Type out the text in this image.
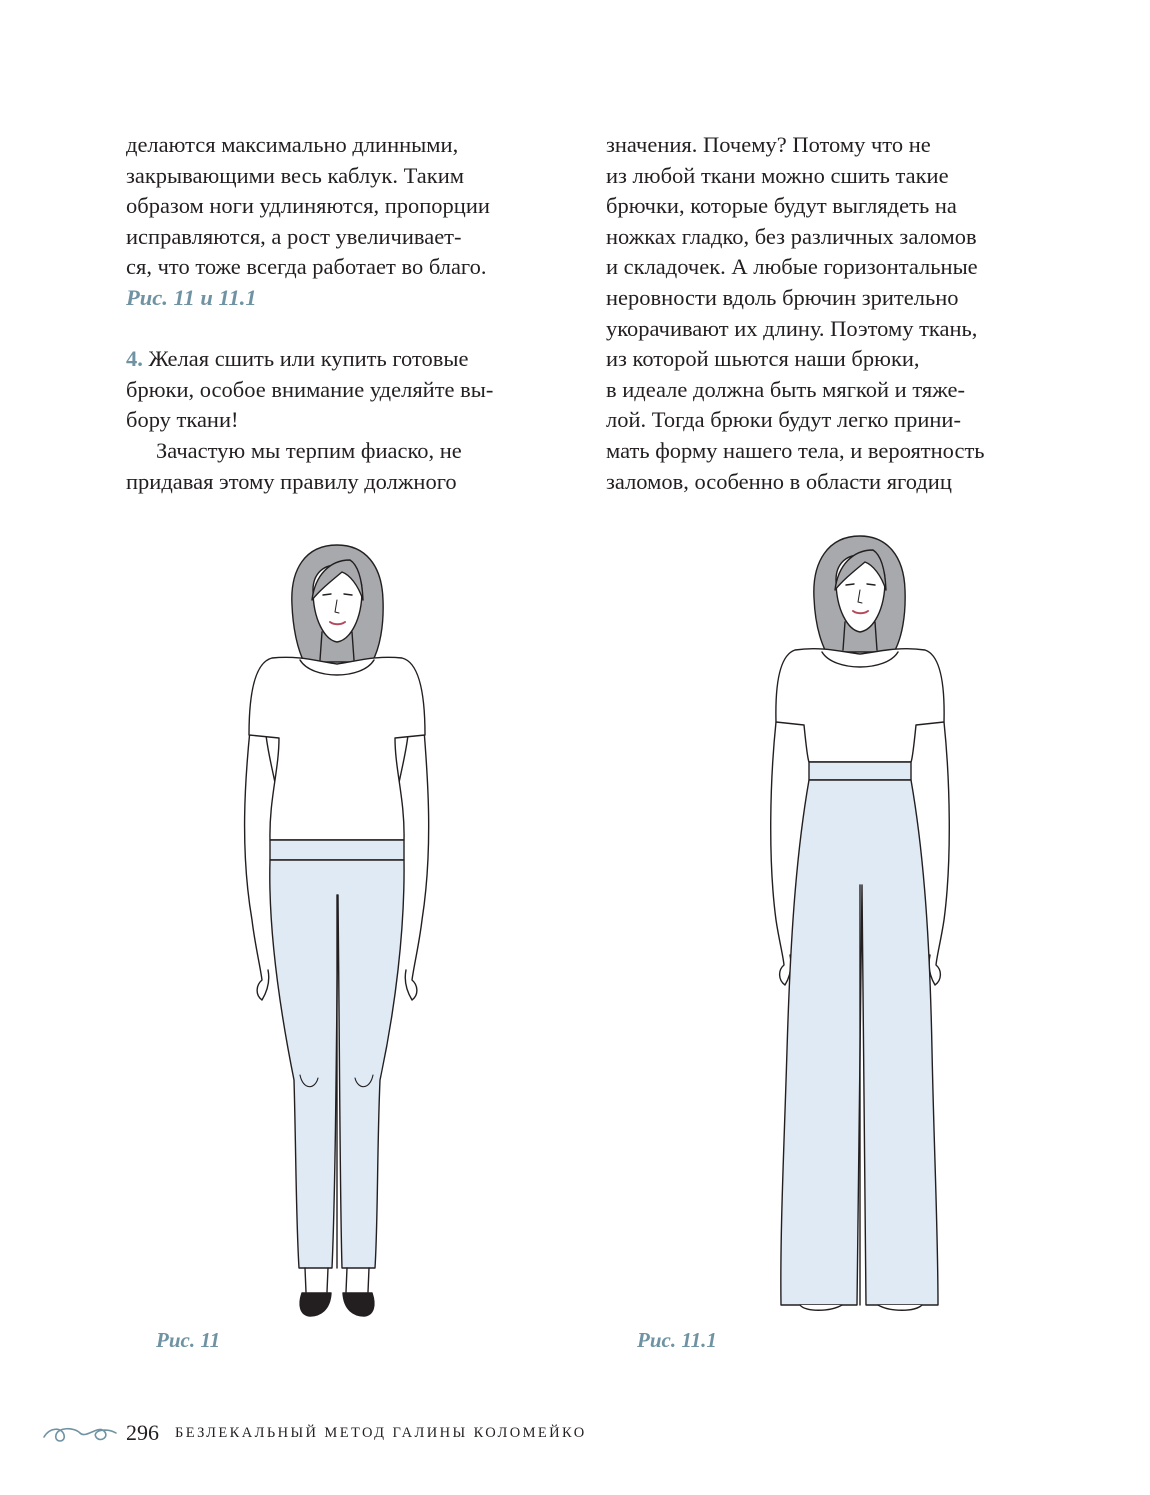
делаются максимально длинными,
закрывающими весь каблук. Таким
образом ноги удлиняются, пропорции
исправляются, а рост увеличивает-
ся, что тоже всегда работает во благо.
Рис. 11 и 11.1
4. Желая сшить или купить готовые
брюки, особое внимание уделяйте вы-
бору ткани!
Зачастую мы терпим фиаско, не
придавая этому правилу должного
значения. Почему? Потому что не
из любой ткани можно сшить такие
брючки, которые будут выглядеть на
ножках гладко, без различных заломов
и складочек. А любые горизонтальные
неровности вдоль брючин зрительно
укорачивают их длину. Поэтому ткань,
из которой шьются наши брюки,
в идеале должна быть мягкой и тяже-
лой. Тогда брюки будут легко прини-
мать форму нашего тела, и вероятность
заломов, особенно в области ягодиц
Рис. 11	Рис. 11.1
296 БЕЗЛЕКАЛЬНЫЙ МЕТОД ГАЛИНЫ КОЛОМЕЙКО
